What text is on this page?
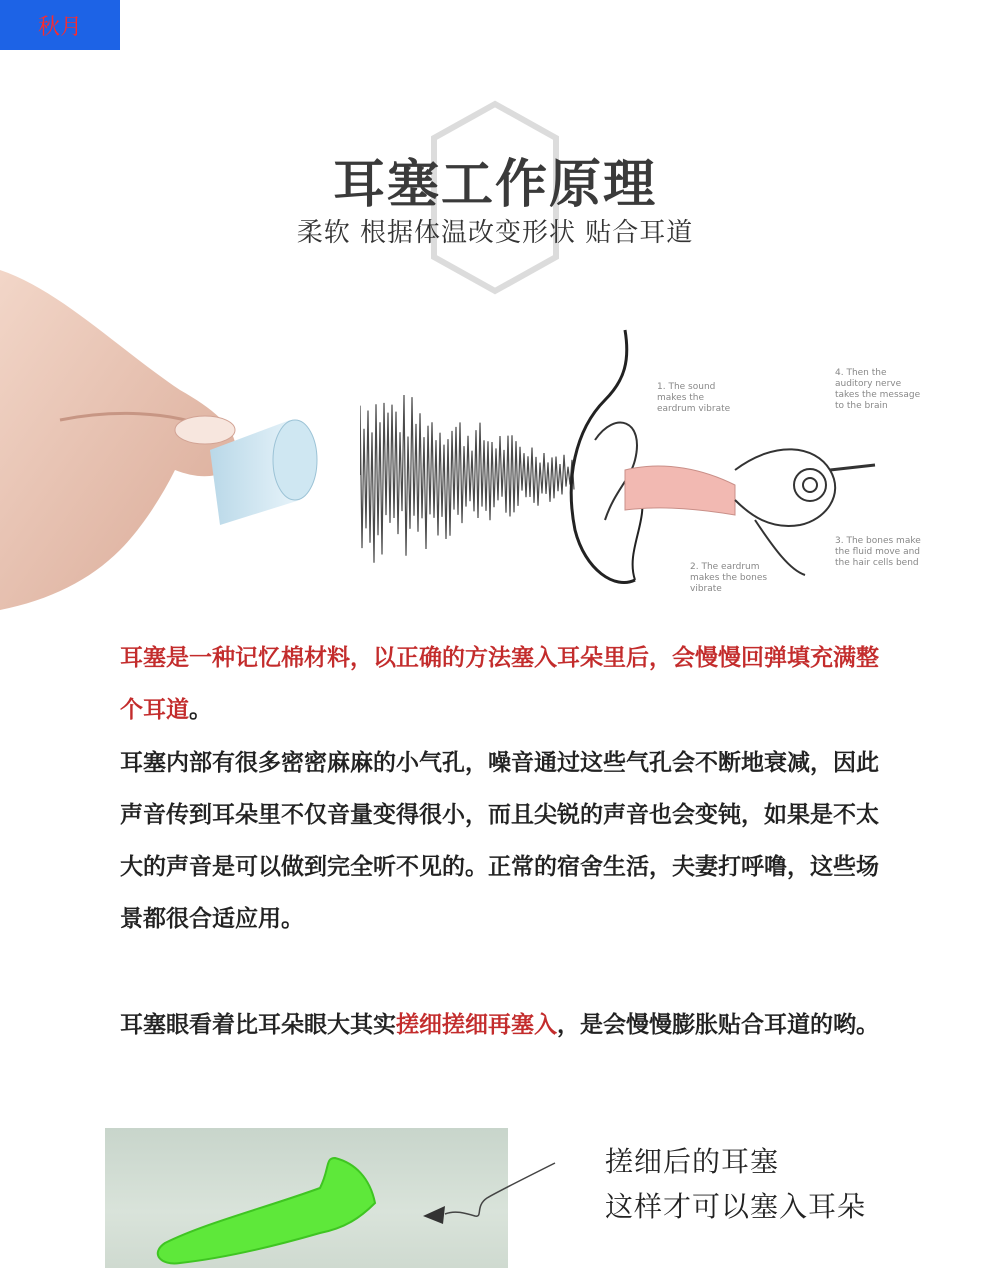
秋月
耳塞工作原理
柔软 根据体温改变形状 贴合耳道
1. The sound makes the eardrum vibrate
2. The eardrum makes the bones vibrate
3. The bones make the fluid move and the hair cells bend
4. Then the auditory nerve takes the message to the brain
耳塞是一种记忆棉材料，以正确的方法塞入耳朵里后，会慢慢回弹填充满整个耳道。
耳塞内部有很多密密麻麻的小气孔，噪音通过这些气孔会不断地衰减，因此声音传到耳朵里不仅音量变得很小，而且尖锐的声音也会变钝，如果是不太大的声音是可以做到完全听不见的。正常的宿舍生活，夫妻打呼噜，这些场景都很合适应用。
耳塞眼看着比耳朵眼大其实搓细搓细再塞入，是会慢慢膨胀贴合耳道的哟。
搓细后的耳塞
这样才可以塞入耳朵
